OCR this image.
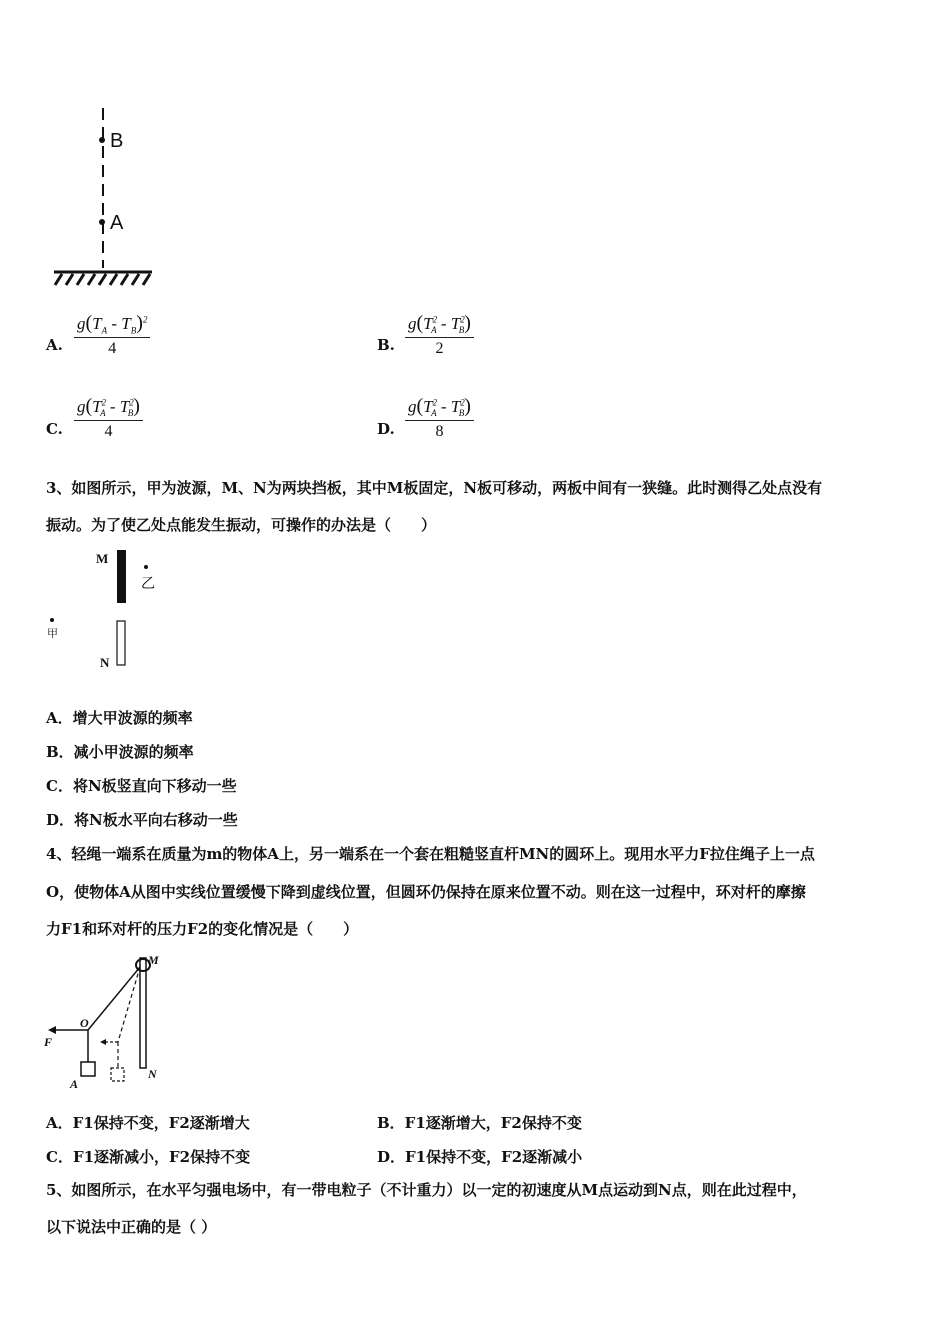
B
A
A.
$g(T_A - T_B)^2$
4	B.
$g(T^2_A - T^2_B)$
2
C.
$g(T^2_A - T^2_B)$
4	D.
$g(T^2_A - T^2_B)$
8
3、如图所示，甲为波源，M、N为两块挡板，其中M板固定，N板可移动，两板中间有一狭缝。此时测得乙处点没有
振动。为了使乙处点能发生振动，可操作的办法是（　　）
M
乙
甲
N
A．增大甲波源的频率
B．减小甲波源的频率
C．将N板竖直向下移动一些
D．将N板水平向右移动一些
4、轻绳一端系在质量为m的物体A上，另一端系在一个套在粗糙竖直杆MN的圆环上。现用水平力F拉住绳子上一点
O，使物体A从图中实线位置缓慢下降到虚线位置，但圆环仍保持在原来位置不动。则在这一过程中，环对杆的摩擦
力F1和环对杆的压力F2的变化情况是（　　）
M
O
F
A
N
A．F1保持不变，F2逐渐增大	B．F1逐渐增大，F2保持不变
C．F1逐渐减小，F2保持不变	D．F1保持不变，F2逐渐减小
5、如图所示，在水平匀强电场中，有一带电粒子（不计重力）以一定的初速度从M点运动到N点，则在此过程中，
以下说法中正确的是（ ）
